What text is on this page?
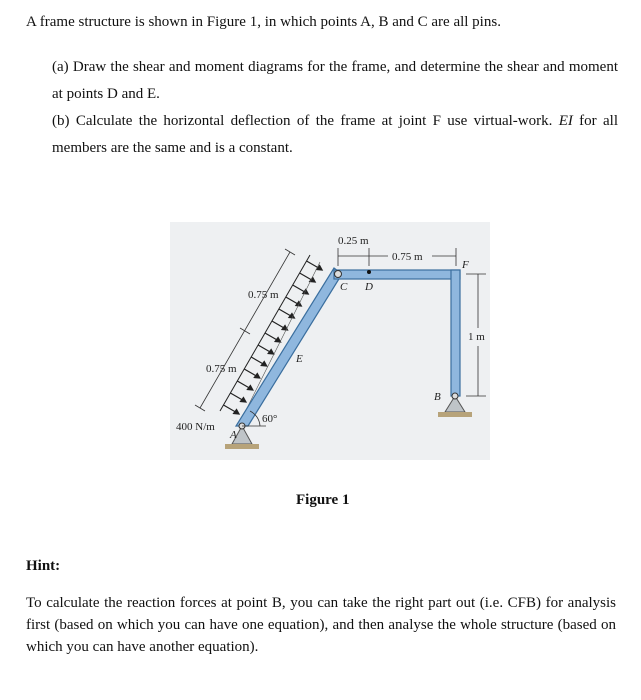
A frame structure is shown in Figure 1, in which points A, B and C are all pins.

(a) Draw the shear and moment diagrams for the frame, and determine the shear and moment at points D and E.

(b) Calculate the horizontal deflection of the frame at joint F use virtual-work. EI for all members are the same and is a constant.

0.25 m
0.75 m
0.75 m
0.75 m
1 m
400 N/m
60°
A
B
C D
E
F
Figure 1
Hint:

To calculate the reaction forces at point B, you can take the right part out (i.e. CFB) for analysis first (based on which you can have one equation), and then analyse the whole structure (based on which you can have another equation).
